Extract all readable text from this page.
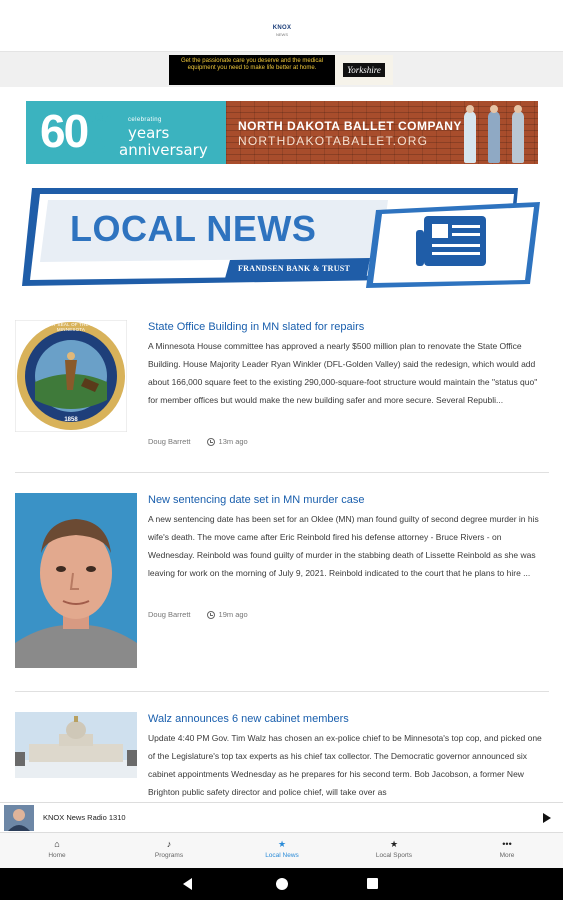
KNOX
NEWS
Get the passionate care you deserve and the medical equipment you need to make life better at home.	Yorkshire
60	celebrating
years
anniversary
NORTH DAKOTA BALLET COMPANY
NORTHDAKOTABALLET.ORG
LOCAL NEWS
FRANDSEN BANK & TRUST
THE GREAT SEAL OF THE STATE OF MINNESOTA
1858
State Office Building in MN slated for repairs
A Minnesota House committee has approved a nearly $500 million plan to renovate the State Office Building. House Majority Leader Ryan Winkler (DFL-Golden Valley) said the redesign, which would add about 166,000 square feet to the existing 290,000-square-foot structure would maintain the "status quo" for member offices but would make the new building safer and more secure. Several Republi...
Doug Barrett	13m ago
New sentencing date set in MN murder case
A new sentencing date has been set for an Oklee (MN) man found guilty of second degree murder in his wife's death. The move came after Eric Reinbold fired his defense attorney - Bruce Rivers - on Wednesday. Reinbold was found guilty of murder in the stabbing death of Lissette Reinbold as she was leaving for work on the morning of July 9, 2021. Reinbold indicated to the court that he plans to hire ...
Doug Barrett	19m ago
Walz announces 6 new cabinet members
Update 4:40 PM Gov. Tim Walz has chosen an ex-police chief to be Minnesota's top cop, and picked one of the Legislature's top tax experts as his chief tax collector. The Democratic governor announced six cabinet appointments Wednesday as he prepares for his second term. Bob Jacobson, a former New Brighton public safety director and police chief, will take over as
KNOX News Radio 1310
⌂
Home
♪
Programs
★
Local News
★
Local Sports
•••
More
